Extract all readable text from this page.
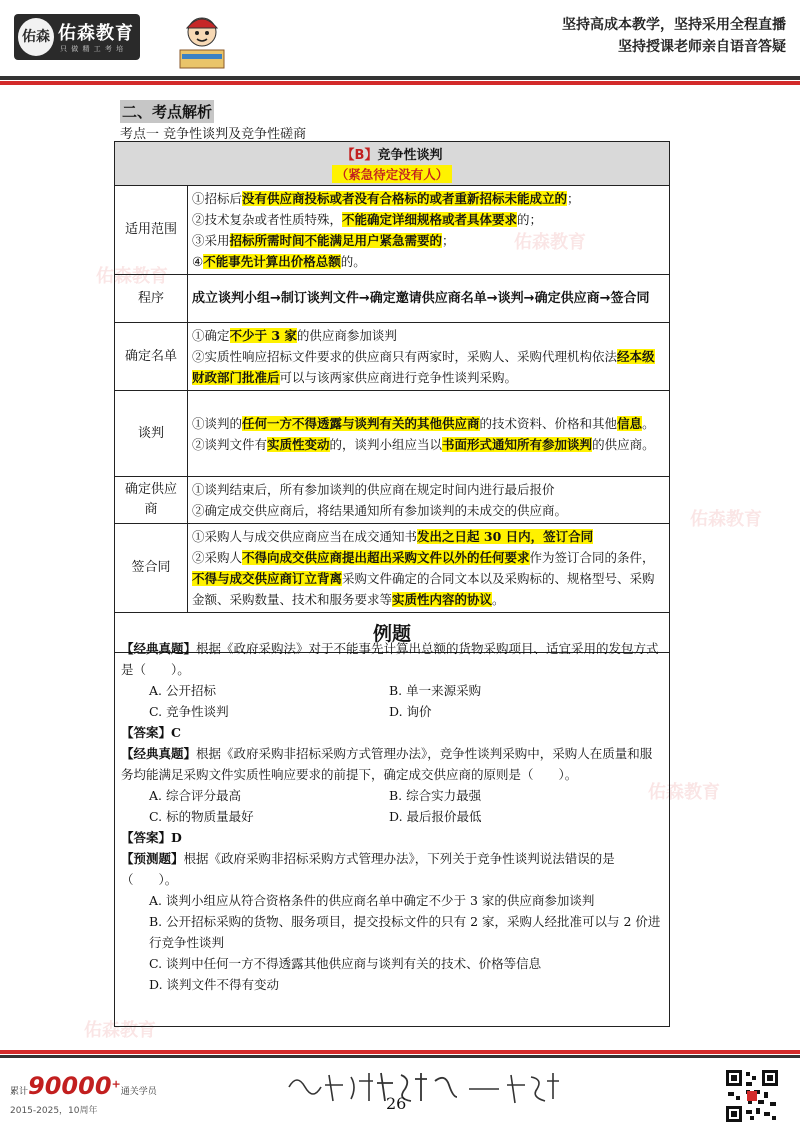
佑森 佑森教育
只 做 精 工 考 培
坚持高成本教学，坚持采用全程直播
坚持授课老师亲自语音答疑
佑森教育
佑森教育
佑森教育
佑森教育
佑森教育
二、考点解析
考点一 竞争性谈判及竞争性磋商
【B】竞争性谈判
（紧急待定没有人）	
适用范围	①招标后没有供应商投标或者没有合格标的或者重新招标未能成立的；

②技术复杂或者性质特殊，不能确定详细规格或者具体要求的；

③采用招标所需时间不能满足用户紧急需要的；

④不能事先计算出价格总额的。

程序	成立谈判小组→制订谈判文件→确定邀请供应商名单→谈判→确定供应商→签合同
确定名单	①确定不少于 3 家的供应商参加谈判

②实质性响应招标文件要求的供应商只有两家时，采购人、采购代理机构依法经本级财政部门批准后可以与该两家供应商进行竞争性谈判采购。

谈判	①谈判的任何一方不得透露与谈判有关的其他供应商的技术资料、价格和其他信息。

②谈判文件有实质性变动的，谈判小组应当以书面形式通知所有参加谈判的供应商。

确定供应商	①谈判结束后，所有参加谈判的供应商在规定时间内进行最后报价

②确定成交供应商后，将结果通知所有参加谈判的未成交的供应商。

签合同	①采购人与成交供应商应当在成交通知书发出之日起 30 日内，签订合同

②采购人不得向成交供应商提出超出采购文件以外的任何要求作为签订合同的条件，不得与成交供应商订立背离采购文件确定的合同文本以及采购标的、规格型号、采购金额、采购数量、技术和服务要求等实质性内容的协议。

例题	

【经典真题】根据《政府采购法》对于不能事先计算出总额的货物采购项目、适宜采用的发包方式是（　　）。

A. 公开招标	B. 单一来源采购
C. 竞争性谈判	D. 询价

【答案】C

【经典真题】根据《政府采购非招标采购方式管理办法》，竞争性谈判采购中，采购人在质量和服务均能满足采购文件实质性响应要求的前提下，确定成交供应商的原则是（　　）。

A. 综合评分最高	B. 综合实力最强
C. 标的物质量最好	D. 最后报价最低

【答案】D

【预测题】根据《政府采购非招标采购方式管理办法》，下列关于竞争性谈判说法错误的是（　　）。

A. 谈判小组应从符合资格条件的供应商名单中确定不少于 3 家的供应商参加谈判

B. 公开招标采购的货物、服务项目，提交投标文件的只有 2 家，采购人经批准可以与 2 价进行竞争性谈判

C. 谈判中任何一方不得透露其他供应商与谈判有关的技术、价格等信息

D. 谈判文件不得有变动

累计90000+通关学员
2015-2025，10周年	26
